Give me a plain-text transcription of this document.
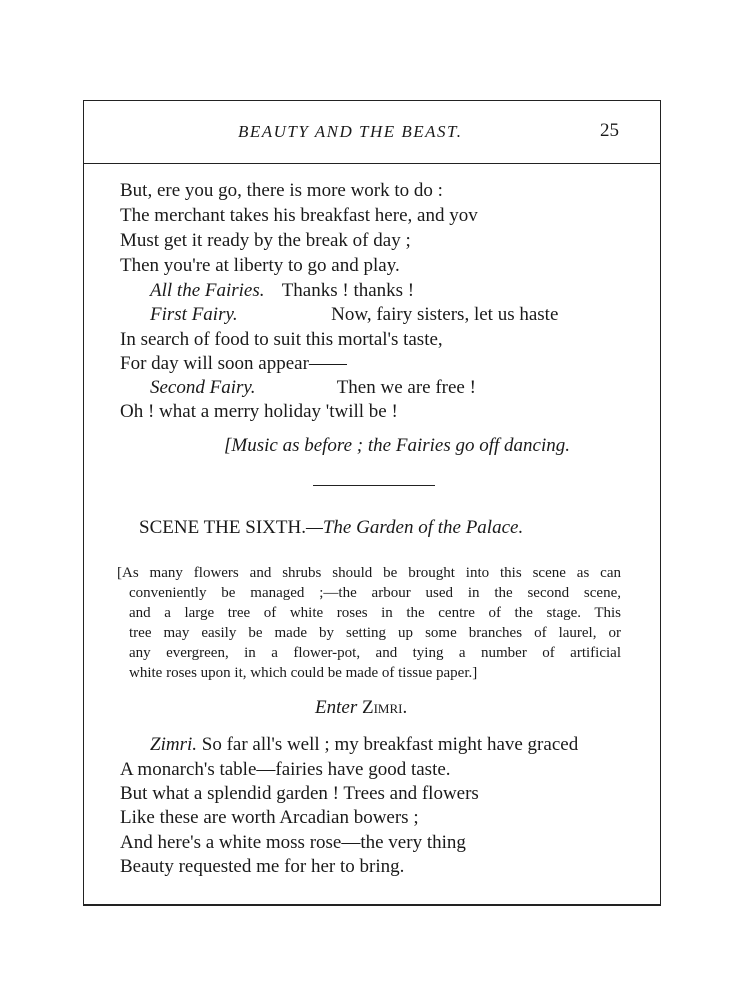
BEAUTY AND THE BEAST.	25
But, ere you go, there is more work to do :
The merchant takes his breakfast here, and yov
Must get it ready by the break of day ;
Then you're at liberty to go and play.
All the Fairies. Thanks ! thanks !
First Fairy.	Now, fairy sisters, let us haste
In search of food to suit this mortal's taste,
For day will soon appear——
Second Fairy.	Then we are free !
Oh ! what a merry holiday 'twill be !
[Music as before ; the Fairies go off dancing.
SCENE THE SIXTH.—The Garden of the Palace.
[As many flowers and shrubs should be brought into this scene as can
conveniently be managed ;—the arbour used in the second scene,
and a large tree of white roses in the centre of the stage. This
tree may easily be made by setting up some branches of laurel, or
any evergreen, in a flower-pot, and tying a number of artificial
white roses upon it, which could be made of tissue paper.]
Enter Zimri.
Zimri. So far all's well ; my breakfast might have graced
A monarch's table—fairies have good taste.
But what a splendid garden ! Trees and flowers
Like these are worth Arcadian bowers ;
And here's a white moss rose—the very thing
Beauty requested me for her to bring.
